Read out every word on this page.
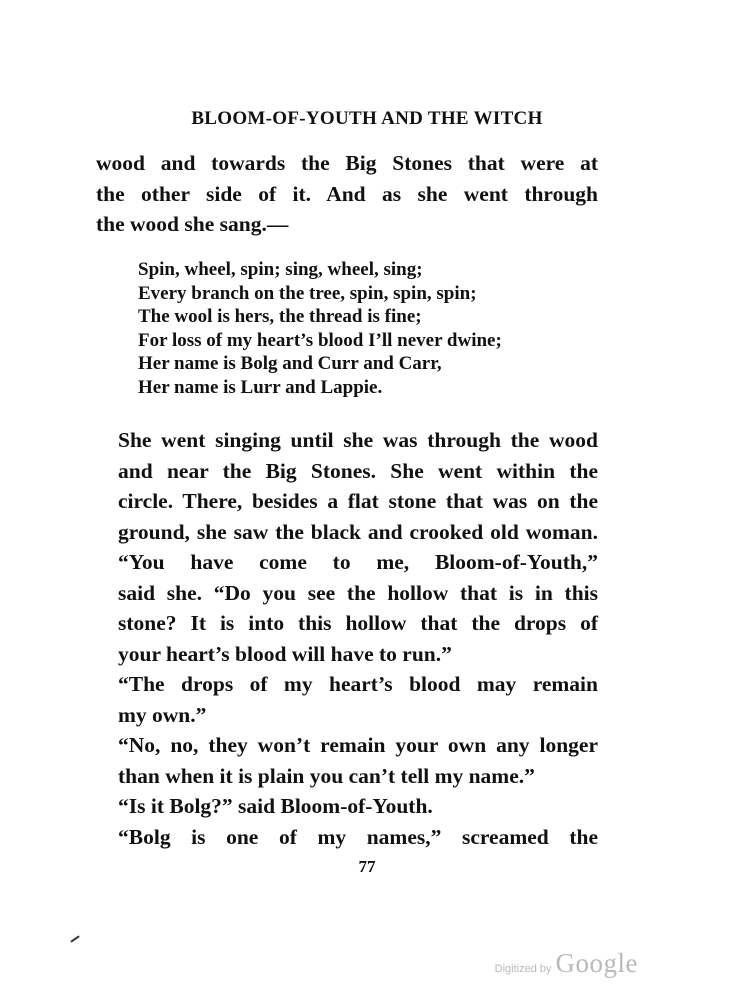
BLOOM-OF-YOUTH AND THE WITCH

wood and towards the Big Stones that were at
the other side of it. And as she went through
the wood she sang.—

Spin, wheel, spin; sing, wheel, sing;
Every branch on the tree, spin, spin, spin;
The wool is hers, the thread is fine;
For loss of my heart’s blood I’ll never dwine;
Her name is Bolg and Curr and Carr,
Her name is Lurr and Lappie.

She went singing until she was through the wood
and near the Big Stones. She went within the
circle. There, besides a flat stone that was on the
ground, she saw the black and crooked old woman.

“You have come to me, Bloom-of-Youth,”
said she. “Do you see the hollow that is in this
stone? It is into this hollow that the drops of
your heart’s blood will have to run.”

“The drops of my heart’s blood may remain
my own.”

“No, no, they won’t remain your own any longer
than when it is plain you can’t tell my name.”

“Is it Bolg?” said Bloom-of-Youth.

“Bolg is one of my names,” screamed the

77
Digitized by Google
